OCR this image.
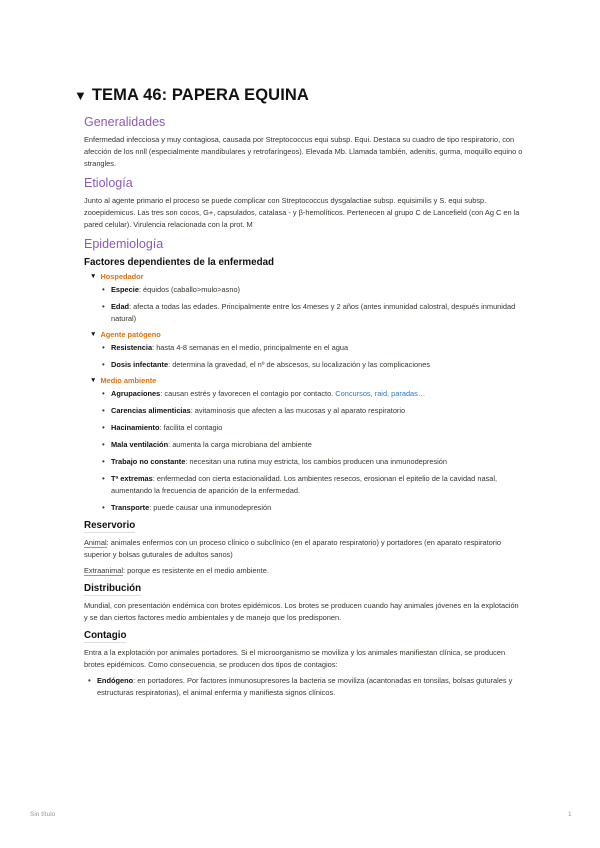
▼ TEMA 46: PAPERA EQUINA
Generalidades

Enfermedad infecciosa y muy contagiosa, causada por Streptococcus equi subsp. Equi. Destaca su cuadro de tipo respiratorio, con afección de los nnll (especialmente mandibulares y retrofaríngeos). Elevada Mb. Llamada también, adenitis, gurma, moquillo equino o strangles.

Etiología

Junto al agente primario el proceso se puede complicar con Streptococcus dysgalactiae subsp. equisimilis y S. equi subsp. zooepidemicus. Las tres son cocos, G+, capsulados, catalasa - y β-hemolíticos. Pertenecen al grupo C de Lancefield (con Ag C en la pared celular). Virulencia relacionada con la prot. M

Epidemiología
Factores dependientes de la enfermedad
▼ Hospedador
• Especie: équidos (caballo>mulo>asno)
• Edad: afecta a todas las edades. Principalmente entre los 4meses y 2 años (antes inmunidad calostral, después inmunidad natural)
▼ Agente patógeno
• Resistencia: hasta 4-8 semanas en el medio, principalmente en el agua
• Dosis infectante: determina la gravedad, el nº de abscesos, su localización y las complicaciones
▼ Medio ambiente
• Agrupaciones: causan estrés y favorecen el contagio por contacto. Concursos, raid, paradas…
• Carencias alimenticias: avitaminosis que afecten a las mucosas y al aparato respiratorio
• Hacinamiento: facilita el contagio
• Mala ventilación: aumenta la carga microbiana del ambiente
• Trabajo no constante: necesitan una rutina muy estricta, los cambios producen una inmunodepresión
• Tª extremas: enfermedad con cierta estacionalidad. Los ambientes resecos, erosionan el epitelio de la cavidad nasal, aumentando la frecuencia de aparición de la enfermedad.
• Transporte: puede causar una inmunodepresión
Reservorio

Animal: animales enfermos con un proceso clínico o subclínico (en el aparato respiratorio) y portadores (en aparato respiratorio superior y bolsas guturales de adultos sanos)

Extraanimal: porque es resistente en el medio ambiente.

Distribución

Mundial, con presentación endémica con brotes epidémicos. Los brotes se producen cuando hay animales jóvenes en la explotación y se dan ciertos factores medio ambientales y de manejo que los predisponen.

Contagio

Entra a la explotación por animales portadores. Si el microorganismo se moviliza y los animales manifiestan clínica, se producen brotes epidémicos. Como consecuencia, se producen dos tipos de contagios:

• Endógeno: en portadores. Por factores inmunosupresores la bacteria se moviliza (acantonadas en tonsilas, bolsas guturales y estructuras respiratorias), el animal enferma y manifiesta signos clínicos.
Sin título	1
